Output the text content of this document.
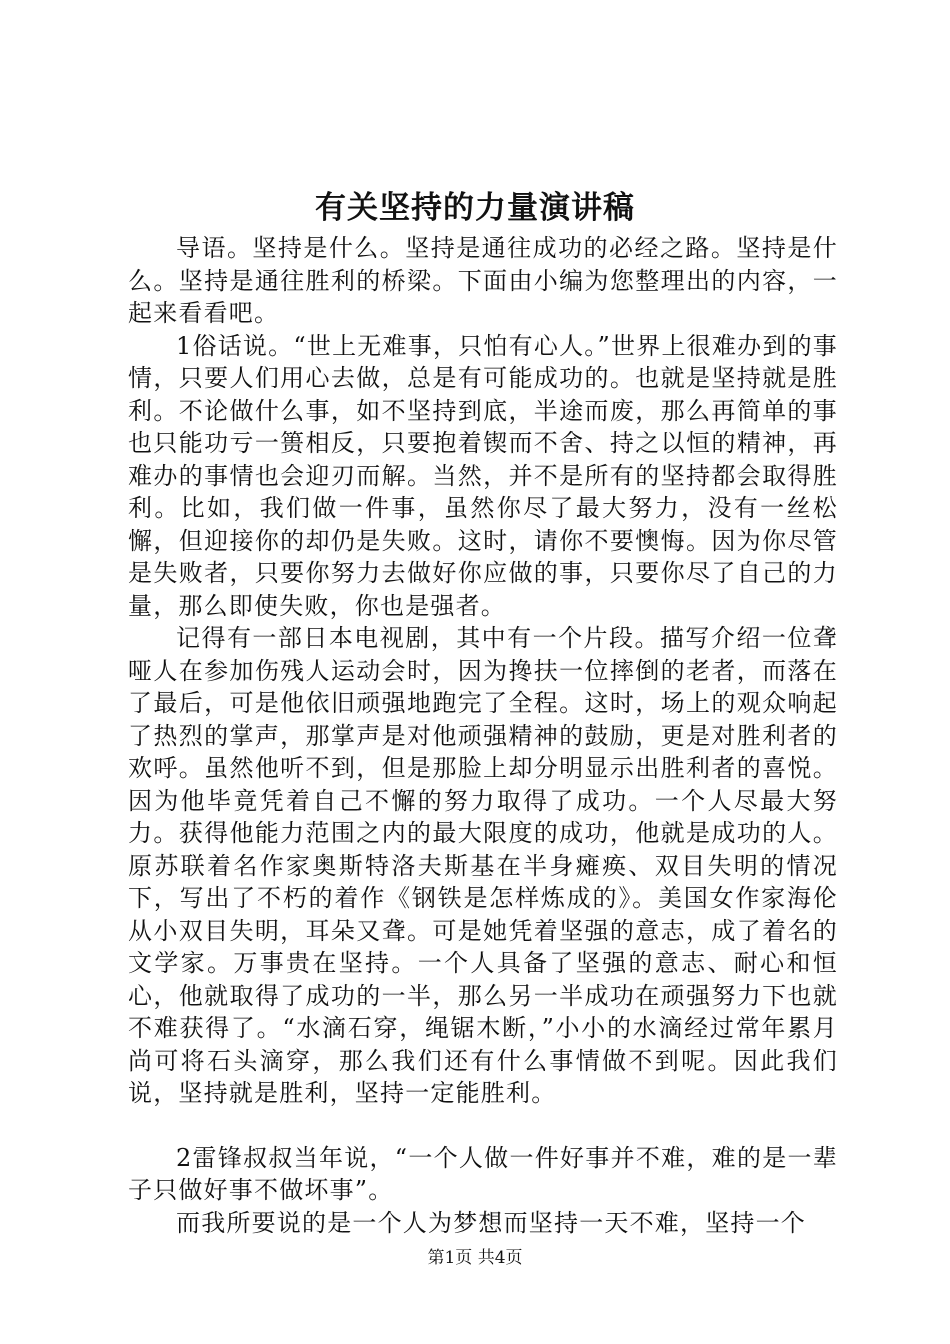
有关坚持的力量演讲稿

导语。坚持是什么。坚持是通往成功的必经之路。坚持是什么。坚持是通往胜利的桥梁。下面由小编为您整理出的内容，一起来看看吧。

1俗话说。“世上无难事，只怕有心人。”世界上很难办到的事情，只要人们用心去做，总是有可能成功的。也就是坚持就是胜利。不论做什么事，如不坚持到底，半途而废，那么再简单的事也只能功亏一篑相反，只要抱着锲而不舍、持之以恒的精神，再难办的事情也会迎刃而解。当然，并不是所有的坚持都会取得胜利。比如，我们做一件事，虽然你尽了最大努力，没有一丝松懈，但迎接你的却仍是失败。这时，请你不要懊悔。因为你尽管是失败者，只要你努力去做好你应做的事，只要你尽了自己的力量，那么即使失败，你也是强者。

记得有一部日本电视剧，其中有一个片段。描写介绍一位聋哑人在参加伤残人运动会时，因为搀扶一位摔倒的老者，而落在了最后，可是他依旧顽强地跑完了全程。这时，场上的观众响起了热烈的掌声，那掌声是对他顽强精神的鼓励，更是对胜利者的欢呼。虽然他听不到，但是那脸上却分明显示出胜利者的喜悦。因为他毕竟凭着自己不懈的努力取得了成功。一个人尽最大努力。获得他能力范围之内的最大限度的成功，他就是成功的人。原苏联着名作家奥斯特洛夫斯基在半身瘫痪、双目失明的情况下，写出了不朽的着作《钢铁是怎样炼成的》。美国女作家海伦从小双目失明，耳朵又聋。可是她凭着坚强的意志，成了着名的文学家。万事贵在坚持。一个人具备了坚强的意志、耐心和恒心，他就取得了成功的一半，那么另一半成功在顽强努力下也就不难获得了。“水滴石穿，绳锯木断，”小小的水滴经过常年累月尚可将石头滴穿，那么我们还有什么事情做不到呢。因此我们说，坚持就是胜利，坚持一定能胜利。

2雷锋叔叔当年说，“一个人做一件好事并不难，难的是一辈子只做好事不做坏事”。

而我所要说的是一个人为梦想而坚持一天不难，坚持一个

第1页 共4页
